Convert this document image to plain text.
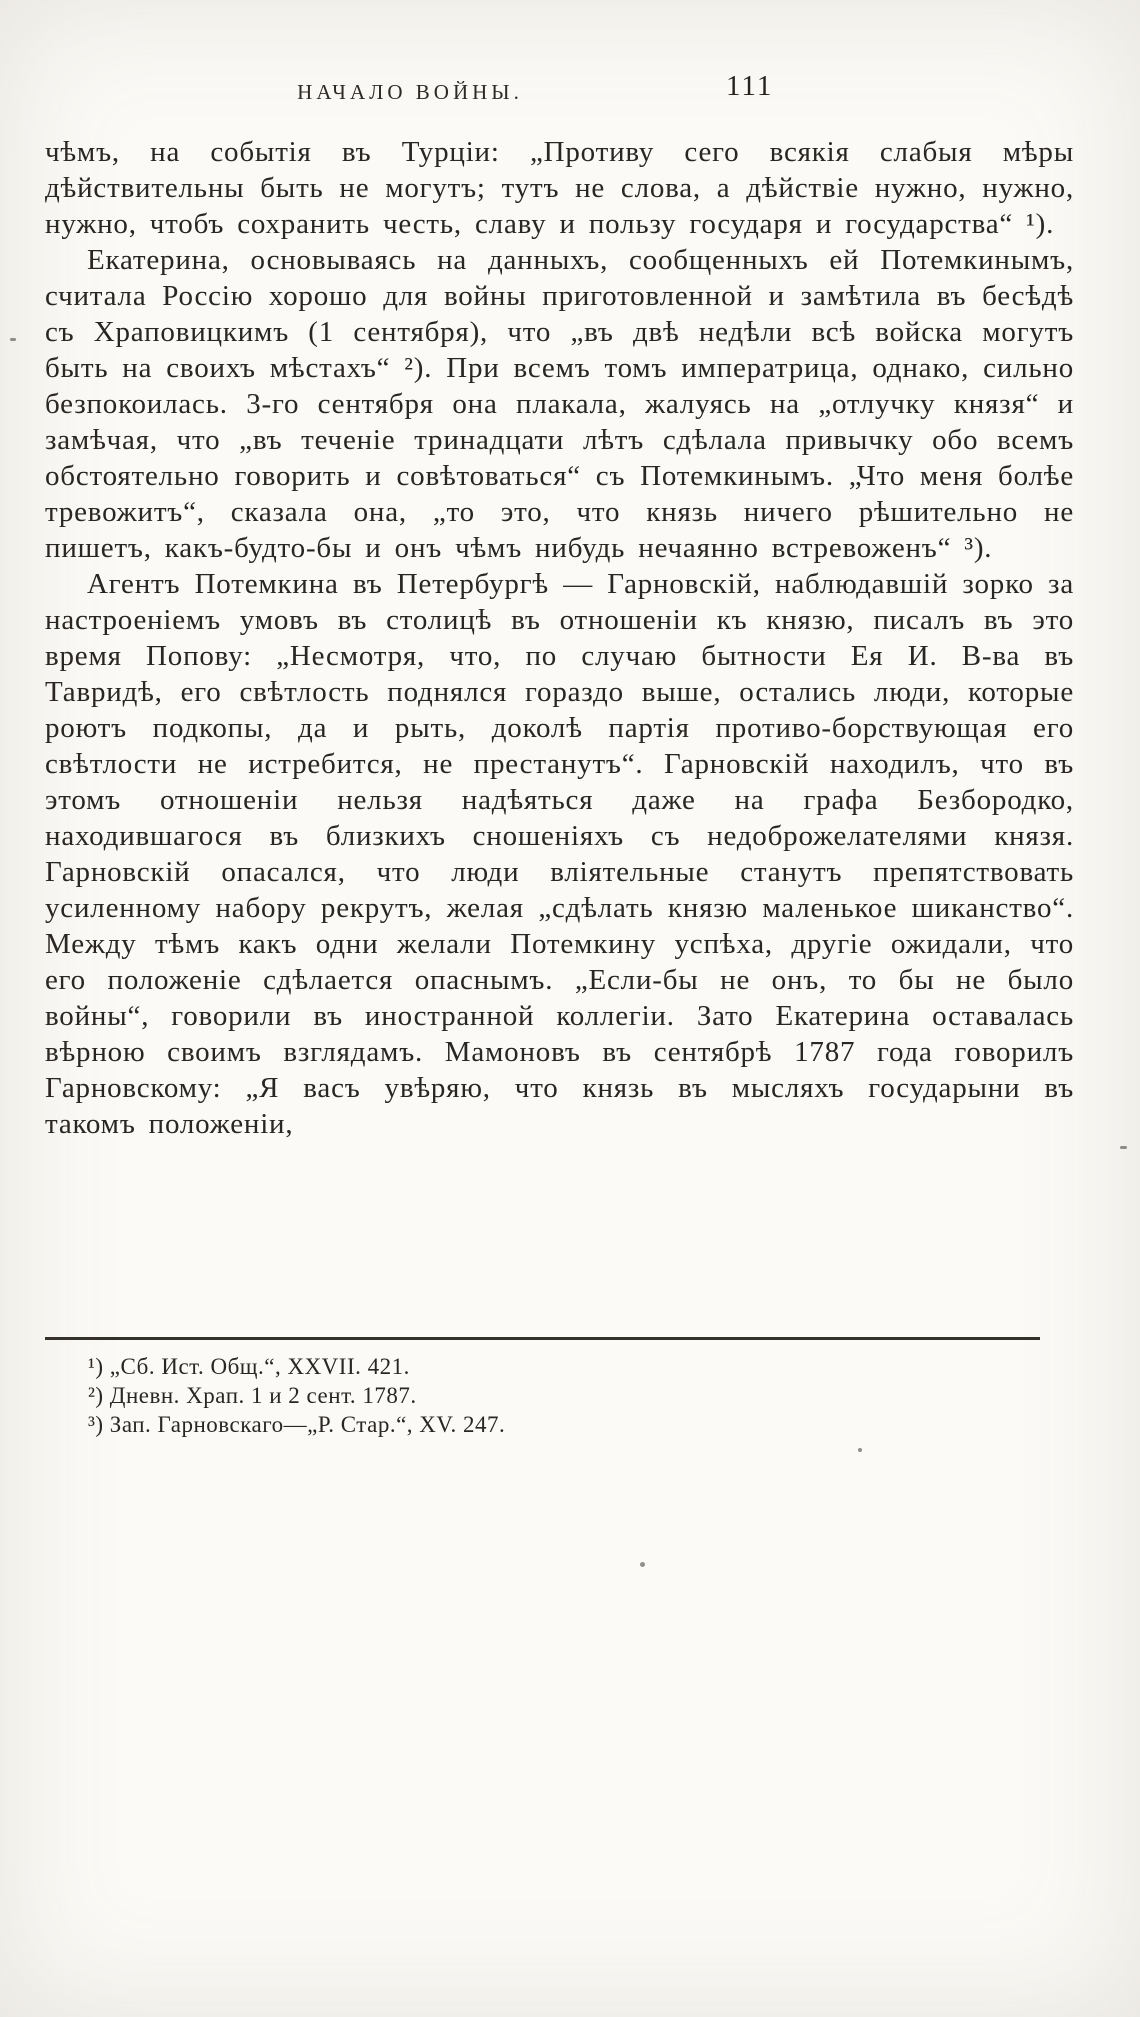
НАЧАЛО ВОЙНЫ.	111

чѣмъ, на событія въ Турціи: „Противу сего всякія слабыя мѣры дѣйствительны быть не могутъ; тутъ не слова, а дѣйствіе нужно, нужно, нужно, чтобъ сохранить честь, славу и пользу государя и государства“ ¹).

Екатерина, основываясь на данныхъ, сообщенныхъ ей Потемкинымъ, считала Россію хорошо для войны приготовленной и замѣтила въ бесѣдѣ съ Храповицкимъ (1 сентября), что „въ двѣ недѣли всѣ войска могутъ быть на своихъ мѣстахъ“ ²). При всемъ томъ императрица, однако, сильно безпокоилась. 3-го сентября она плакала, жалуясь на „отлучку князя“ и замѣчая, что „въ теченіе тринадцати лѣтъ сдѣлала привычку обо всемъ обстоятельно говорить и совѣтоваться“ съ Потемкинымъ. „Что меня болѣе тревожитъ“, сказала она, „то это, что князь ничего рѣшительно не пишетъ, какъ-будто-бы и онъ чѣмъ нибудь нечаянно встревоженъ“ ³).

Агентъ Потемкина въ Петербургѣ — Гарновскій, наблюдавшій зорко за настроеніемъ умовъ въ столицѣ въ отношеніи къ князю, писалъ въ это время Попову: „Несмотря, что, по случаю бытности Ея И. В-ва въ Тавридѣ, его свѣтлость поднялся гораздо выше, остались люди, которые роютъ подкопы, да и рыть, доколѣ партія противо-борствующая его свѣтлости не истребится, не престанутъ“. Гарновскій находилъ, что въ этомъ отношеніи нельзя надѣяться даже на графа Безбородко, находившагося въ близкихъ сношеніяхъ съ недоброжелателями князя. Гарновскій опасался, что люди вліятельные станутъ препятствовать усиленному набору рекрутъ, желая „сдѣлать князю маленькое шиканство“. Между тѣмъ какъ одни желали Потемкину успѣха, другіе ожидали, что его положеніе сдѣлается опаснымъ. „Если-бы не онъ, то бы не было войны“, говорили въ иностранной коллегіи. Зато Екатерина оставалась вѣрною своимъ взглядамъ. Мамоновъ въ сентябрѣ 1787 года говорилъ Гарновскому: „Я васъ увѣряю, что князь въ мысляхъ государыни въ такомъ положеніи,

¹) „Сб. Ист. Общ.“, XXVII. 421.

²) Дневн. Храп. 1 и 2 сент. 1787.

³) Зап. Гарновскаго—„Р. Стар.“, XV. 247.
